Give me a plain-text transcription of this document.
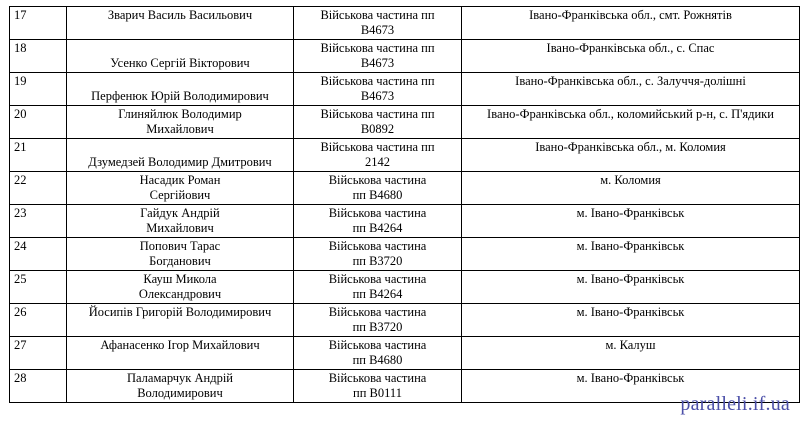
17	Зварич Василь Васильович	Військова частина пп
В4673	Івано-Франківська обл., смт. Рожнятів
18	Усенко Сергій Вікторович	Військова частина пп
В4673	Івано-Франківська обл., с. Спас
19	Перфенюк Юрій Володимирович	Військова частина пп
В4673	Івано-Франківська обл., с. Залуччя-долішні
20	Глиняйлюк Володимир
Михайлович	Військова частина пп
В0892	Івано-Франківська обл., коломийський р-н, с. П'ядики
21	Дзумедзей Володимир Дмитрович	Військова частина пп
2142	Івано-Франківська обл., м. Коломия
22	Насадик Роман
Сергійович	Військова частина
пп В4680	м. Коломия
23	Гайдук Андрій
Михайлович	Військова частина
пп В4264	м. Івано-Франківськ
24	Попович Тарас
Богданович	Військова частина
пп В3720	м. Івано-Франківськ
25	Кауш Микола
Олександрович	Військова частина
пп В4264	м. Івано-Франківськ
26	Йосипів Григорій Володимирович	Військова частина
пп В3720	м. Івано-Франківськ
27	Афанасенко Ігор Михайлович	Військова частина
пп В4680	м. Калуш
28	Паламарчук Андрій
Володимирович	Військова частина
пп В0111	м. Івано-Франківськ
parallеli.if.ua
